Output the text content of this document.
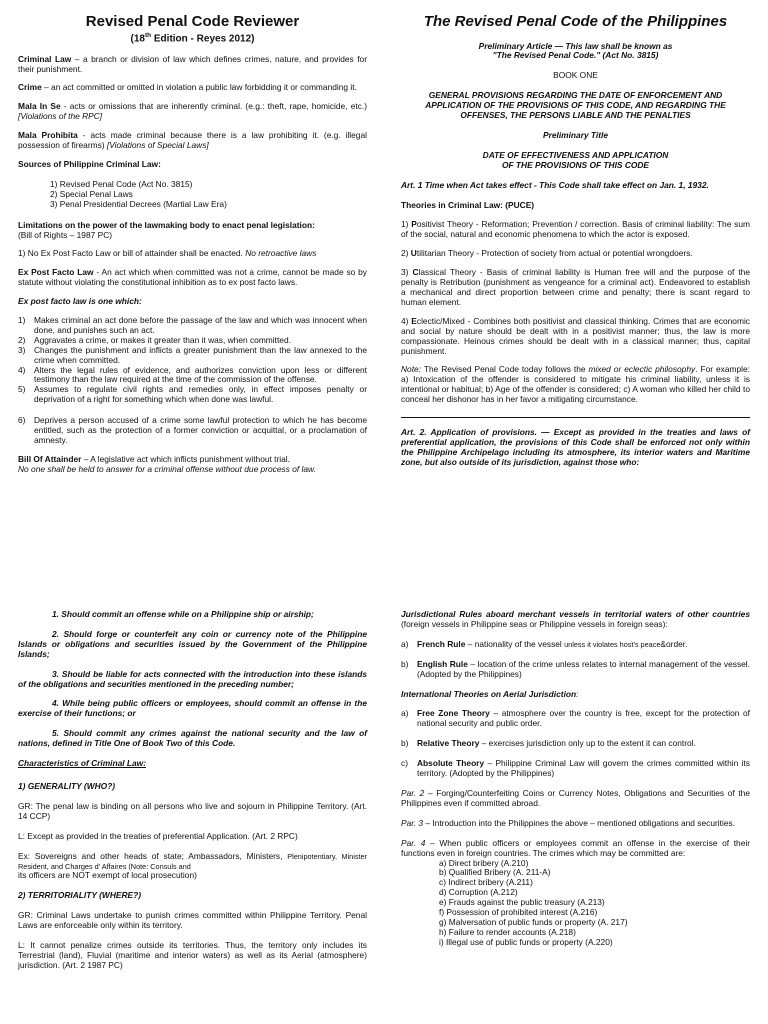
Revised Penal Code Reviewer
(18th Edition - Reyes 2012)

Criminal Law – a branch or division of law which defines crimes, nature, and provides for their punishment.

Crime – an act committed or omitted in violation a public law forbidding it or commanding it.

Mala In Se - acts or omissions that are inherently criminal. (e.g.: theft, rape, homicide, etc.) [Violations of the RPC]

Mala Prohibita - acts made criminal because there is a law prohibiting it. (e.g. illegal possession of firearms) [Violations of Special Laws]

Sources of Philippine Criminal Law:

1) Revised Penal Code (Act No. 3815)
2) Special Penal Laws
3) Penal Presidential Decrees (Martial Law Era)

Limitations on the power of the lawmaking body to enact penal legislation:

(Bill of Rights – 1987 PC)

1) No Ex Post Facto Law or bill of attainder shall be enacted. No retroactive laws

Ex Post Facto Law - An act which when committed was not a crime, cannot be made so by statute without violating the constitutional inhibition as to ex post facto laws.

Ex post facto law is one which:

1)	Makes criminal an act done before the passage of the law and which was innocent when done, and punishes such an act.
2)	Aggravates a crime, or makes it greater than it was, when committed.
3)	Changes the punishment and inflicts a greater punishment than the law annexed to the crime when committed.
4)	Alters the legal rules of evidence, and authorizes conviction upon less or different testimony than the law required at the time of the commission of the offense.
5)	Assumes to regulate civil rights and remedies only, in effect imposes penalty or deprivation of a right for something which when done was lawful.
6)	Deprives a person accused of a crime some lawful protection to which he has become entitled, such as the protection of a former conviction or acquittal, or a proclamation of amnesty.

Bill Of Attainder – A legislative act which inflicts punishment without trial.

No one shall be held to answer for a criminal offense without due process of law.

The Revised Penal Code of the Philippines

Preliminary Article — This law shall be known as

"The Revised Penal Code." (Act No. 3815)

BOOK ONE

GENERAL PROVISIONS REGARDING THE DATE OF ENFORCEMENT AND APPLICATION OF THE PROVISIONS OF THIS CODE, AND REGARDING THE OFFENSES, THE PERSONS LIABLE AND THE PENALTIES

Preliminary Title

DATE OF EFFECTIVENESS AND APPLICATION

OF THE PROVISIONS OF THIS CODE

Art. 1 Time when Act takes effect - This Code shall take effect on Jan. 1, 1932.

Theories in Criminal Law: (PUCE)

1) Positivist Theory - Reformation; Prevention / correction. Basis of criminal liability: The sum of the social, natural and economic phenomena to which the actor is exposed.

2) Utilitarian Theory - Protection of society from actual or potential wrongdoers.

3) Classical Theory - Basis of criminal liability is Human free will and the purpose of the penalty is Retribution (punishment as vengeance for a criminal act). Endeavored to establish a mechanical and direct proportion between crime and penalty; there is scant regard to human element.

4) Eclectic/Mixed - Combines both positivist and classical thinking. Crimes that are economic and social by nature should be dealt with in a positivist manner; thus, the law is more compassionate. Heinous crimes should be dealt with in a classical manner; thus, capital punishment.

Note: The Revised Penal Code today follows the mixed or eclectic philosophy. For example: a) Intoxication of the offender is considered to mitigate his criminal liability, unless it is intentional or habitual; b) Age of the offender is considered; c) A woman who killed her child to conceal her dishonor has in her favor a mitigating circumstance.

Art. 2. Application of provisions. — Except as provided in the treaties and laws of preferential application, the provisions of this Code shall be enforced not only within the Philippine Archipelago including its atmosphere, its interior waters and Maritime zone, but also outside of its jurisdiction, against those who:

1. Should commit an offense while on a Philippine ship or airship;

2. Should forge or counterfeit any coin or currency note of the Philippine Islands or obligations and securities issued by the Government of the Philippine Islands;

3. Should be liable for acts connected with the introduction into these islands of the obligations and securities mentioned in the preceding number;

4. While being public officers or employees, should commit an offense in the exercise of their functions; or

5. Should commit any crimes against the national security and the law of nations, defined in Title One of Book Two of this Code.

Characteristics of Criminal Law:

1) GENERALITY (WHO?)

GR: The penal law is binding on all persons who live and sojourn in Philippine Territory. (Art. 14 CCP)

L: Except as provided in the treaties of preferential Application. (Art. 2 RPC)

Ex: Sovereigns and other heads of state; Ambassadors, Ministers, Plenipotentiary, Minister Resident, and Charges d' Affaires (Note: Consuls and

its officers are NOT exempt of local prosecution)

2) TERRITORIALITY (WHERE?)

GR: Criminal Laws undertake to punish crimes committed within Philippine Territory. Penal Laws are enforceable only within its territory.

L: It cannot penalize crimes outside its territories. Thus, the territory only includes its Terrestrial (land), Fluvial (maritime and interior waters) as well as its Aerial (atmosphere) jurisdiction. (Art. 2 1987 PC)

Jurisdictional Rules aboard merchant vessels in territorial waters of other countries (foreign vessels in Philippine seas or Philippine vessels in foreign seas):

a)	French Rule – nationality of the vessel unless it violates host's peace&order.
b)	English Rule – location of the crime unless relates to internal management of the vessel. (Adopted by the Philippines)

International Theories on Aerial Jurisdiction:

a)	Free Zone Theory – atmosphere over the country is free, except for the protection of national security and public order.
b)	Relative Theory – exercises jurisdiction only up to the extent it can control.
c)	Absolute Theory – Philippine Criminal Law will govern the crimes committed within its territory. (Adopted by the Philippines)

Par. 2 – Forging/Counterfeiting Coins or Currency Notes, Obligations and Securities of the Philippines even if committed abroad.

Par. 3 – Introduction into the Philippines the above – mentioned obligations and securities.

Par. 4 – When public officers or employees commit an offense in the exercise of their functions even in foreign countries. The crimes which may be committed are:

a) Direct bribery (A.210)
b) Qualified Bribery (A. 211-A)
c) Indirect bribery (A.211)
d) Corruption (A.212)
e) Frauds against the public treasury (A.213)
f) Possession of prohibited interest (A.216)
g) Malversation of public funds or property (A. 217)
h) Failure to render accounts (A.218)
i) Illegal use of public funds or property (A.220)
